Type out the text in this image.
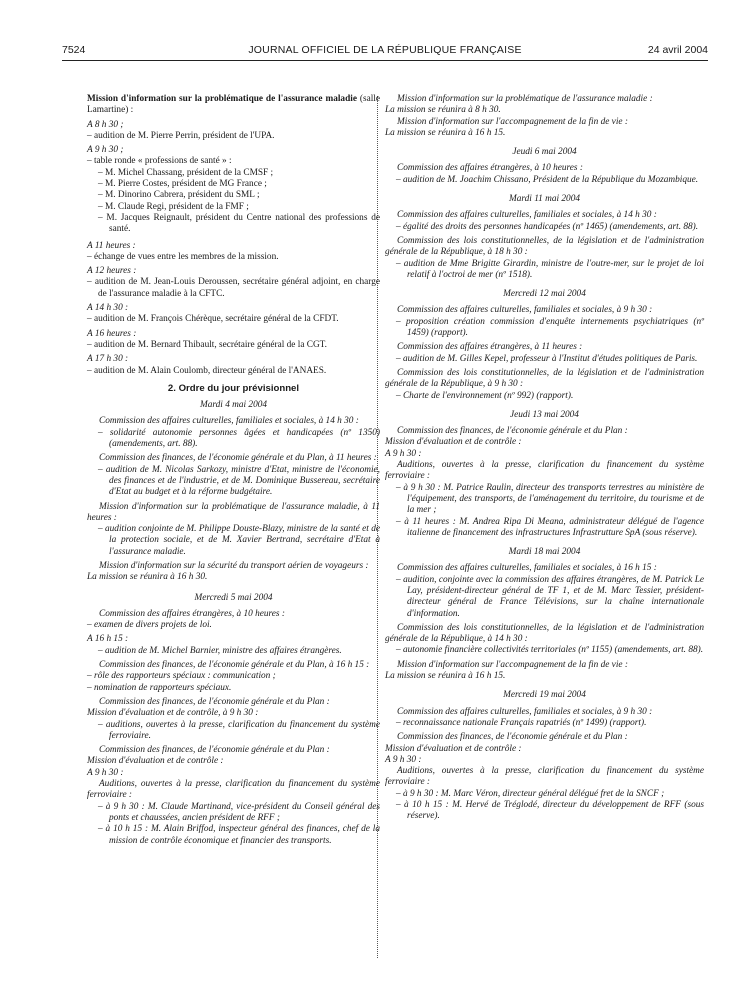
7524	JOURNAL OFFICIEL DE LA RÉPUBLIQUE FRANÇAISE	24 avril 2004

Mission d'information sur la problématique de l'assurance maladie (salle Lamartine) :

A 8 h 30 ;

– audition de M. Pierre Perrin, président de l'UPA.

A 9 h 30 ;

– table ronde « professions de santé » :

– M. Michel Chassang, président de la CMSF ;

– M. Pierre Costes, président de MG France ;

– M. Dinorino Cabrera, président du SML ;

– M. Claude Regi, président de la FMF ;

– M. Jacques Reignault, président du Centre national des professions de santé.

A 11 heures :

– échange de vues entre les membres de la mission.

A 12 heures :

– audition de M. Jean-Louis Deroussen, secrétaire général adjoint, en charge de l'assurance maladie à la CFTC.

A 14 h 30 :

– audition de M. François Chérèque, secrétaire général de la CFDT.

A 16 heures :

– audition de M. Bernard Thibault, secrétaire général de la CGT.

A 17 h 30 :

– audition de M. Alain Coulomb, directeur général de l'ANAES.

2. Ordre du jour prévisionnel
Mardi 4 mai 2004

Commission des affaires culturelles, familiales et sociales, à 14 h 30 :

– solidarité autonomie personnes âgées et handicapées (nº 1350) (amendements, art. 88).

Commission des finances, de l'économie générale et du Plan, à 11 heures :

– audition de M. Nicolas Sarkozy, ministre d'Etat, ministre de l'économie, des finances et de l'industrie, et de M. Dominique Bussereau, secrétaire d'Etat au budget et à la réforme budgétaire.

Mission d'information sur la problématique de l'assurance maladie, à 11 heures :

– audition conjointe de M. Philippe Douste-Blazy, ministre de la santé et de la protection sociale, et de M. Xavier Bertrand, secrétaire d'Etat à l'assurance maladie.

Mission d'information sur la sécurité du transport aérien de voyageurs :

La mission se réunira à 16 h 30.

Mercredi 5 mai 2004

Commission des affaires étrangères, à 10 heures :

– examen de divers projets de loi.

A 16 h 15 :

– audition de M. Michel Barnier, ministre des affaires étrangères.

Commission des finances, de l'économie générale et du Plan, à 16 h 15 :

– rôle des rapporteurs spéciaux : communication ;

– nomination de rapporteurs spéciaux.

Commission des finances, de l'économie générale et du Plan :

Mission d'évaluation et de contrôle, à 9 h 30 :

– auditions, ouvertes à la presse, clarification du financement du système ferroviaire.

Commission des finances, de l'économie générale et du Plan :

Mission d'évaluation et de contrôle :

A 9 h 30 :

Auditions, ouvertes à la presse, clarification du financement du système ferroviaire :

– à 9 h 30 : M. Claude Martinand, vice-président du Conseil général des ponts et chaussées, ancien président de RFF ;

– à 10 h 15 : M. Alain Briffod, inspecteur général des finances, chef de la mission de contrôle économique et financier des transports.

Mission d'information sur la problématique de l'assurance maladie :

La mission se réunira à 8 h 30.

Mission d'information sur l'accompagnement de la fin de vie :

La mission se réunira à 16 h 15.

Jeudi 6 mai 2004

Commission des affaires étrangères, à 10 heures :

– audition de M. Joachim Chissano, Président de la République du Mozambique.

Mardi 11 mai 2004

Commission des affaires culturelles, familiales et sociales, à 14 h 30 :

– égalité des droits des personnes handicapées (nº 1465) (amendements, art. 88).

Commission des lois constitutionnelles, de la législation et de l'administration générale de la République, à 18 h 30 :

– audition de Mme Brigitte Girardin, ministre de l'outre-mer, sur le projet de loi relatif à l'octroi de mer (nº 1518).

Mercredi 12 mai 2004

Commission des affaires culturelles, familiales et sociales, à 9 h 30 :

– proposition création commission d'enquête internements psychiatriques (nº 1459) (rapport).

Commission des affaires étrangères, à 11 heures :

– audition de M. Gilles Kepel, professeur à l'Institut d'études politiques de Paris.

Commission des lois constitutionnelles, de la législation et de l'administration générale de la République, à 9 h 30 :

– Charte de l'environnement (nº 992) (rapport).

Jeudi 13 mai 2004

Commission des finances, de l'économie générale et du Plan :

Mission d'évaluation et de contrôle :

A 9 h 30 :

Auditions, ouvertes à la presse, clarification du financement du système ferroviaire :

– à 9 h 30 : M. Patrice Raulin, directeur des transports terrestres au ministère de l'équipement, des transports, de l'aménagement du territoire, du tourisme et de la mer ;

– à 11 heures : M. Andrea Ripa Di Meana, administrateur délégué de l'agence italienne de financement des infrastructures Infrastrutture SpA (sous réserve).

Mardi 18 mai 2004

Commission des affaires culturelles, familiales et sociales, à 16 h 15 :

– audition, conjointe avec la commission des affaires étrangères, de M. Patrick Le Lay, président-directeur général de TF 1, et de M. Marc Tessier, président-directeur général de France Télévisions, sur la chaîne internationale d'information.

Commission des lois constitutionnelles, de la législation et de l'administration générale de la République, à 14 h 30 :

– autonomie financière collectivités territoriales (nº 1155) (amendements, art. 88).

Mission d'information sur l'accompagnement de la fin de vie :

La mission se réunira à 16 h 15.

Mercredi 19 mai 2004

Commission des affaires culturelles, familiales et sociales, à 9 h 30 :

– reconnaissance nationale Français rapatriés (nº 1499) (rapport).

Commission des finances, de l'économie générale et du Plan :

Mission d'évaluation et de contrôle :

A 9 h 30 :

Auditions, ouvertes à la presse, clarification du financement du système ferroviaire :

– à 9 h 30 : M. Marc Véron, directeur général délégué fret de la SNCF ;

– à 10 h 15 : M. Hervé de Tréglodé, directeur du développement de RFF (sous réserve).
